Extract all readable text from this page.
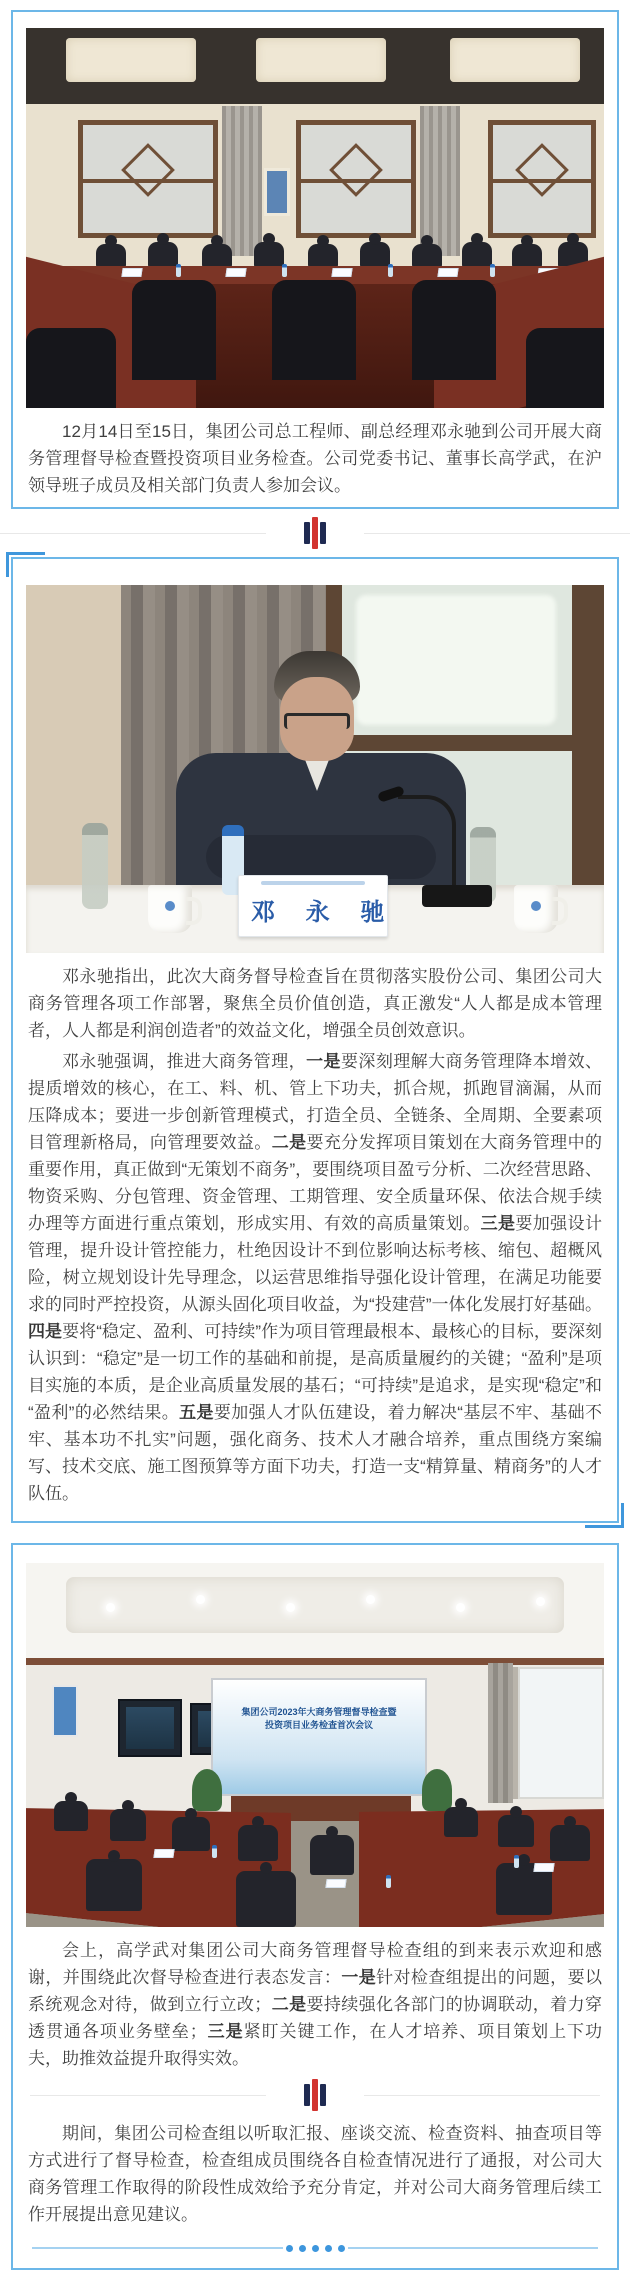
12月14日至15日，集团公司总工程师、副总经理邓永驰到公司开展大商务管理督导检查暨投资项目业务检查。公司党委书记、董事长高学武，在沪领导班子成员及相关部门负责人参加会议。

邓 永 驰

邓永驰指出，此次大商务督导检查旨在贯彻落实股份公司、集团公司大商务管理各项工作部署，聚焦全员价值创造，真正激发“人人都是成本管理者，人人都是利润创造者”的效益文化，增强全员创效意识。

邓永驰强调，推进大商务管理，一是要深刻理解大商务管理降本增效、提质增效的核心，在工、料、机、管上下功夫，抓合规，抓跑冒滴漏，从而压降成本；要进一步创新管理模式，打造全员、全链条、全周期、全要素项目管理新格局，向管理要效益。二是要充分发挥项目策划在大商务管理中的重要作用，真正做到“无策划不商务”，要围绕项目盈亏分析、二次经营思路、物资采购、分包管理、资金管理、工期管理、安全质量环保、依法合规手续办理等方面进行重点策划，形成实用、有效的高质量策划。三是要加强设计管理，提升设计管控能力，杜绝因设计不到位影响达标考核、缩包、超概风险，树立规划设计先导理念，以运营思维指导强化设计管理，在满足功能要求的同时严控投资，从源头固化项目收益，为“投建营”一体化发展打好基础。四是要将“稳定、盈利、可持续”作为项目管理最根本、最核心的目标，要深刻认识到：“稳定”是一切工作的基础和前提，是高质量履约的关键；“盈利”是项目实施的本质，是企业高质量发展的基石；“可持续”是追求，是实现“稳定”和“盈利”的必然结果。五是要加强人才队伍建设，着力解决“基层不牢、基础不牢、基本功不扎实”问题，强化商务、技术人才融合培养，重点围绕方案编写、技术交底、施工图预算等方面下功夫，打造一支“精算量、精商务”的人才队伍。

集团公司2023年大商务管理督导检查暨
投资项目业务检查首次会议

会上，高学武对集团公司大商务管理督导检查组的到来表示欢迎和感谢，并围绕此次督导检查进行表态发言：一是针对检查组提出的问题，要以系统观念对待，做到立行立改；二是要持续强化各部门的协调联动，着力穿透贯通各项业务壁垒；三是紧盯关键工作，在人才培养、项目策划上下功夫，助推效益提升取得实效。

期间，集团公司检查组以听取汇报、座谈交流、检查资料、抽查项目等方式进行了督导检查，检查组成员围绕各自检查情况进行了通报，对公司大商务管理工作取得的阶段性成效给予充分肯定，并对公司大商务管理后续工作开展提出意见建议。
